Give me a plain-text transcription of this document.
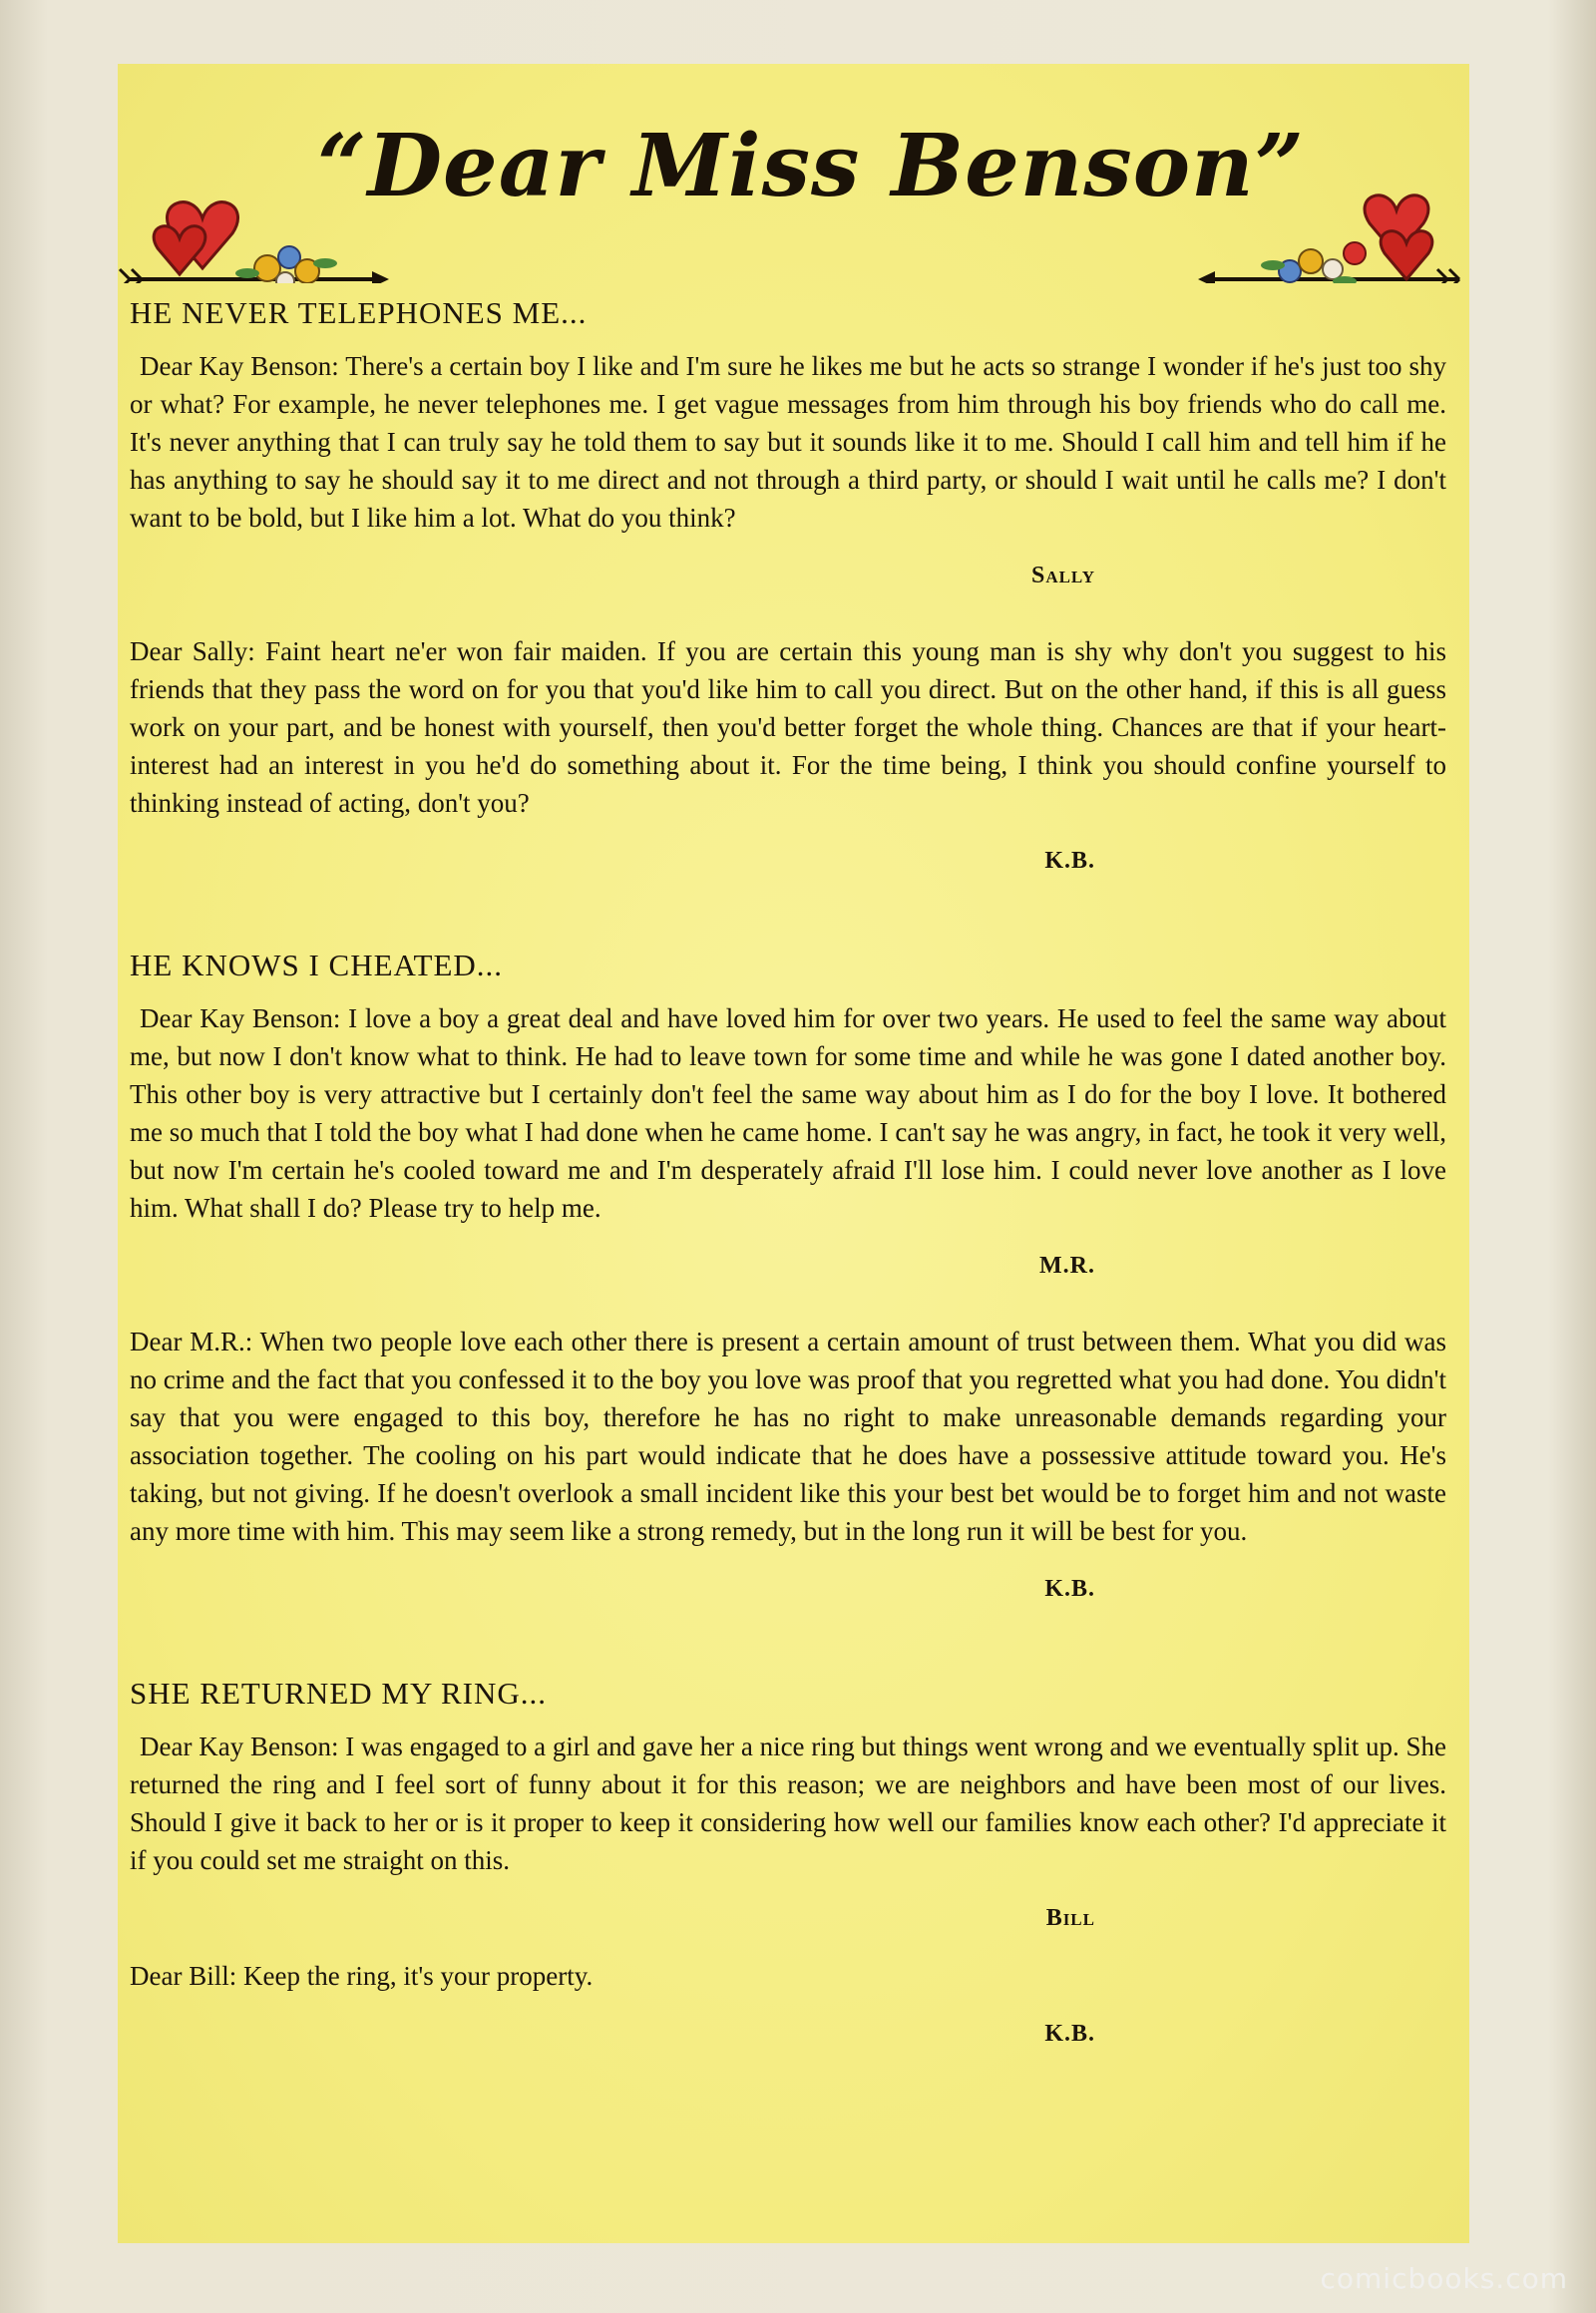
“Dear Miss Benson”
HE NEVER TELEPHONES ME...

Dear Kay Benson: There's a certain boy I like and I'm sure he likes me but he acts so strange I wonder if he's just too shy or what? For example, he never telephones me. I get vague messages from him through his boy friends who do call me. It's never anything that I can truly say he told them to say but it sounds like it to me. Should I call him and tell him if he has anything to say he should say it to me direct and not through a third party, or should I wait until he calls me? I don't want to be bold, but I like him a lot. What do you think?

Sally

Dear Sally: Faint heart ne'er won fair maiden. If you are certain this young man is shy why don't you suggest to his friends that they pass the word on for you that you'd like him to call you direct. But on the other hand, if this is all guess work on your part, and be honest with yourself, then you'd better forget the whole thing. Chances are that if your heart-interest had an interest in you he'd do something about it. For the time being, I think you should confine yourself to thinking instead of acting, don't you?

K.B.
HE KNOWS I CHEATED...

Dear Kay Benson: I love a boy a great deal and have loved him for over two years. He used to feel the same way about me, but now I don't know what to think. He had to leave town for some time and while he was gone I dated another boy. This other boy is very attractive but I certainly don't feel the same way about him as I do for the boy I love. It bothered me so much that I told the boy what I had done when he came home. I can't say he was angry, in fact, he took it very well, but now I'm certain he's cooled toward me and I'm desperately afraid I'll lose him. I could never love another as I love him. What shall I do? Please try to help me.

M.R.

Dear M.R.: When two people love each other there is present a certain amount of trust between them. What you did was no crime and the fact that you confessed it to the boy you love was proof that you regretted what you had done. You didn't say that you were engaged to this boy, therefore he has no right to make unreasonable demands regarding your association together. The cooling on his part would indicate that he does have a possessive attitude toward you. He's taking, but not giving. If he doesn't overlook a small incident like this your best bet would be to forget him and not waste any more time with him. This may seem like a strong remedy, but in the long run it will be best for you.

K.B.
SHE RETURNED MY RING...

Dear Kay Benson: I was engaged to a girl and gave her a nice ring but things went wrong and we eventually split up. She returned the ring and I feel sort of funny about it for this reason; we are neighbors and have been most of our lives. Should I give it back to her or is it proper to keep it considering how well our families know each other? I'd appreciate it if you could set me straight on this.

Bill

Dear Bill: Keep the ring, it's your property.

K.B.
comicbooks.com
